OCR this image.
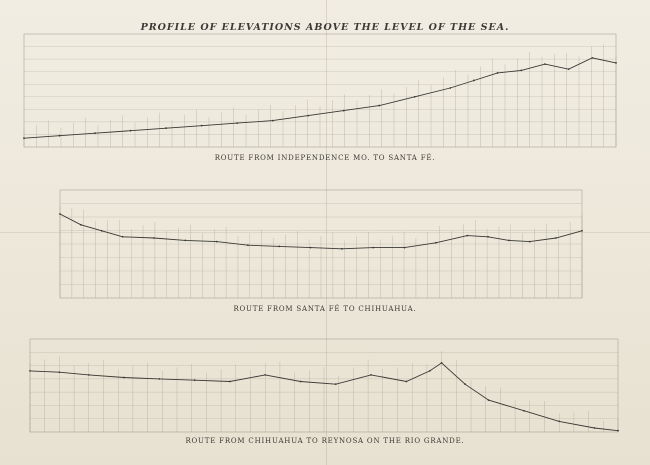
PROFILE OF ELEVATIONS ABOVE THE LEVEL OF THE SEA.
ROUTE FROM INDEPENDENCE MO. TO SANTA FÉ.
ROUTE FROM SANTA FÉ TO CHIHUAHUA.
ROUTE FROM CHIHUAHUA TO REYNOSA ON THE RIO GRANDE.
